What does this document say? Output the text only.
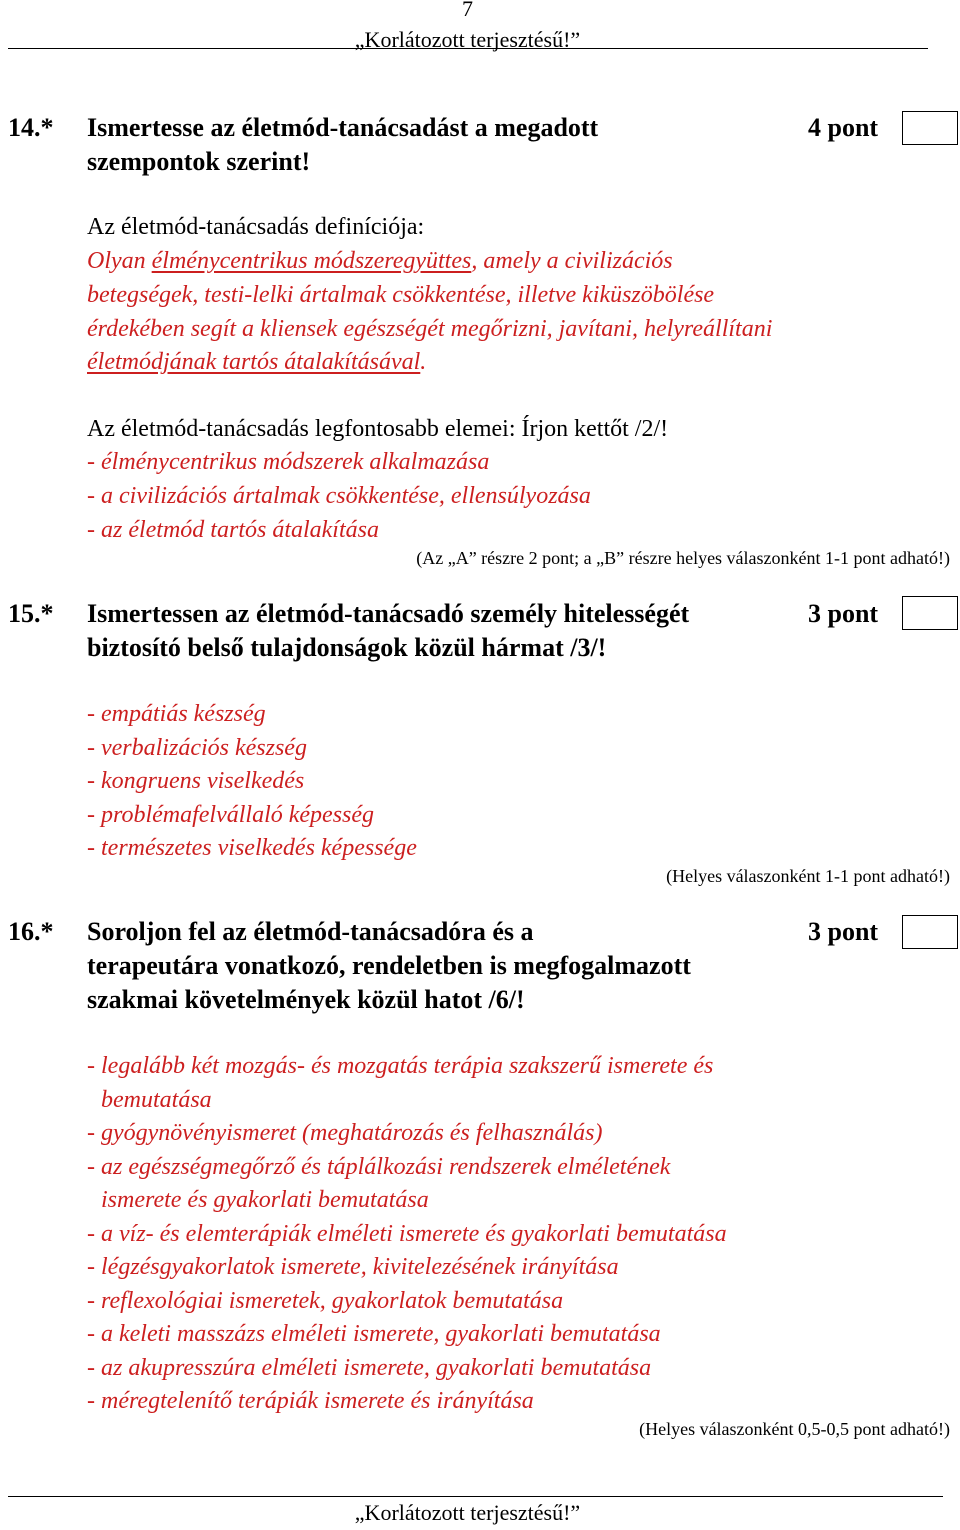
7
„Korlátozott terjesztésű!”
14.* Ismertesse az életmód-tanácsadást a megadott
szempontok szerint!
4 pont
Az életmód-tanácsadás definíciója:
Olyan élménycentrikus módszeregyüttes, amely a civilizációs
betegségek, testi-lelki ártalmak csökkentése, illetve kiküszöbölése
érdekében segít a kliensek egészségét megőrizni, javítani, helyreállítani
életmódjának tartós átalakításával.
Az életmód-tanácsadás legfontosabb elemei: Írjon kettőt /2/!
- élménycentrikus módszerek alkalmazása
- a civilizációs ártalmak csökkentése, ellensúlyozása
- az életmód tartós átalakítása
(Az „A” részre 2 pont; a „B” részre helyes válaszonként 1-1 pont adható!)
15.* Ismertessen az életmód-tanácsadó személy hitelességét
biztosító belső tulajdonságok közül hármat /3/!
3 pont
- empátiás készség
- verbalizációs készség
- kongruens viselkedés
- problémafelvállaló képesség
- természetes viselkedés képessége
(Helyes válaszonként 1-1 pont adható!)
16.* Soroljon fel az életmód-tanácsadóra és a
terapeutára vonatkozó, rendeletben is megfogalmazott
szakmai követelmények közül hatot /6/!
3 pont
- legalább két mozgás- és mozgatás terápia szakszerű ismerete és
bemutatása
- gyógynövényismeret (meghatározás és felhasználás)
- az egészségmegőrző és táplálkozási rendszerek elméletének
ismerete és gyakorlati bemutatása
- a víz- és elemterápiák elméleti ismerete és gyakorlati bemutatása
- légzésgyakorlatok ismerete, kivitelezésének irányítása
- reflexológiai ismeretek, gyakorlatok bemutatása
- a keleti masszázs elméleti ismerete, gyakorlati bemutatása
- az akupresszúra elméleti ismerete, gyakorlati bemutatása
- méregtelenítő terápiák ismerete és irányítása
(Helyes válaszonként 0,5-0,5 pont adható!)
„Korlátozott terjesztésű!”
